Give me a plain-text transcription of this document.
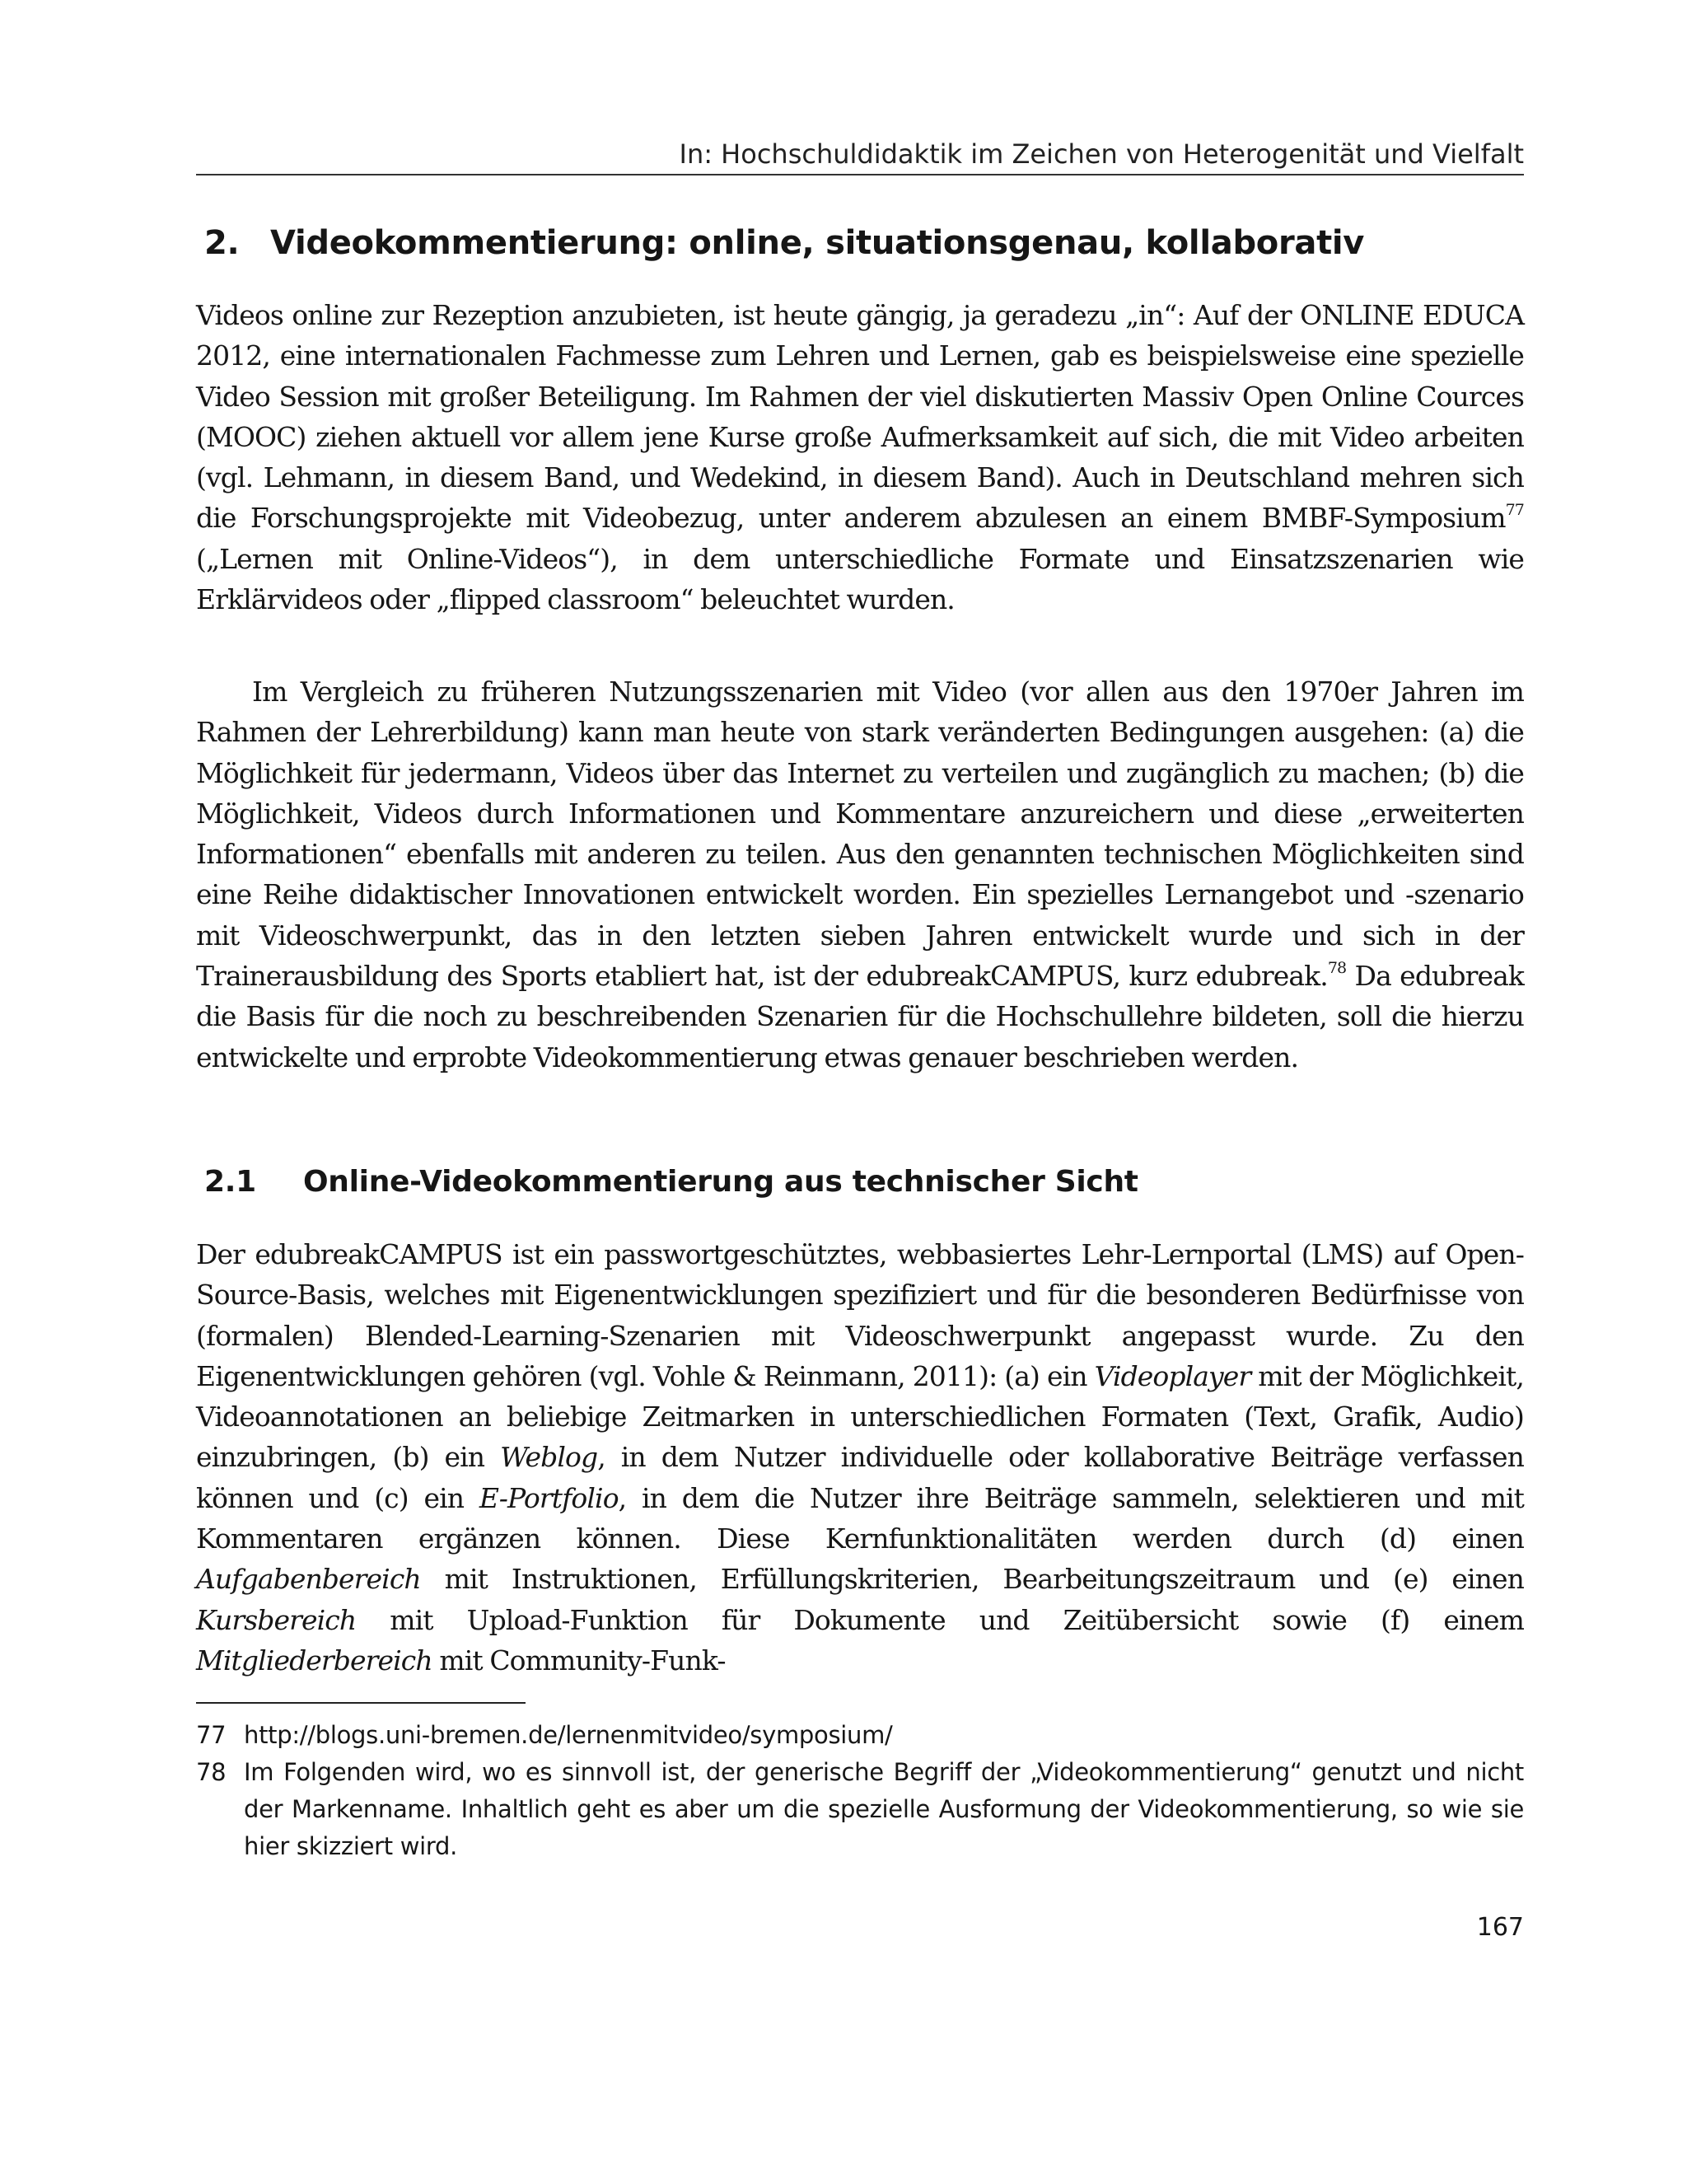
In: Hochschuldidaktik im Zeichen von Heterogenität und Vielfalt
2. Videokommentierung: online, situationsgenau, kollaborativ

Videos online zur Rezeption anzubieten, ist heute gängig, ja geradezu „in“: Auf der ONLINE EDUCA 2012, eine internationalen Fachmesse zum Lehren und Lernen, gab es beispielsweise eine spezielle Video Session mit großer Beteiligung. Im Rahmen der viel diskutierten Massiv Open Online Cources (MOOC) ziehen aktuell vor allem jene Kurse große Aufmerksamkeit auf sich, die mit Video arbeiten (vgl. Lehmann, in diesem Band, und Wedekind, in diesem Band). Auch in Deutschland mehren sich die Forschungsprojekte mit Videobezug, unter anderem abzulesen an einem BMBF-Symposium$^{77}$ („Lernen mit Online-Videos“), in dem unterschiedliche Formate und Einsatzszenarien wie Erklärvideos oder „flipped classroom“ beleuchtet wurden.

Im Vergleich zu früheren Nutzungsszenarien mit Video (vor allen aus den 1970er Jahren im Rahmen der Lehrerbildung) kann man heute von stark veränderten Bedingungen ausgehen: (a) die Möglichkeit für jedermann, Videos über das Internet zu verteilen und zugänglich zu machen; (b) die Möglichkeit, Videos durch Informationen und Kommentare anzureichern und diese „erweiterten Informationen“ ebenfalls mit anderen zu teilen. Aus den genannten technischen Möglichkeiten sind eine Reihe didaktischer Innovationen entwickelt worden. Ein spezielles Lernangebot und -szenario mit Videoschwerpunkt, das in den letzten sieben Jahren entwickelt wurde und sich in der Trainerausbildung des Sports etabliert hat, ist der edubreakCAMPUS, kurz edubreak.$^{78}$ Da edubreak die Basis für die noch zu beschreibenden Szenarien für die Hochschullehre bildeten, soll die hierzu entwickelte und erprobte Videokommentierung etwas genauer beschrieben werden.

2.1 Online-Videokommentierung aus technischer Sicht

Der edubreakCAMPUS ist ein passwortgeschütztes, webbasiertes Lehr-Lernportal (LMS) auf Open-Source-Basis, welches mit Eigenentwicklungen spezifiziert und für die besonderen Bedürfnisse von (formalen) Blended-Learning-Szenarien mit Videoschwerpunkt angepasst wurde. Zu den Eigenentwicklungen gehören (vgl. Vohle & Reinmann, 2011): (a) ein Videoplayer mit der Möglichkeit, Videoannotationen an beliebige Zeitmarken in unterschiedlichen Formaten (Text, Grafik, Audio) einzubringen, (b) ein Weblog, in dem Nutzer individuelle oder kollaborative Beiträge verfassen können und (c) ein E-Portfolio, in dem die Nutzer ihre Beiträge sammeln, selektieren und mit Kommentaren ergänzen können. Diese Kernfunktionalitäten werden durch (d) einen Aufgabenbereich mit Instruktionen, Erfüllungskriterien, Bearbeitungszeitraum und (e) einen Kursbereich mit Upload-Funktion für Dokumente und Zeitübersicht sowie (f) einem Mitgliederbereich mit Community-Funk-

77 http://blogs.uni-bremen.de/lernenmitvideo/symposium/
78 Im Folgenden wird, wo es sinnvoll ist, der generische Begriff der „Videokommentierung“ genutzt und nicht der Markenname. Inhaltlich geht es aber um die spezielle Ausformung der Videokommentierung, so wie sie hier skizziert wird.
167
